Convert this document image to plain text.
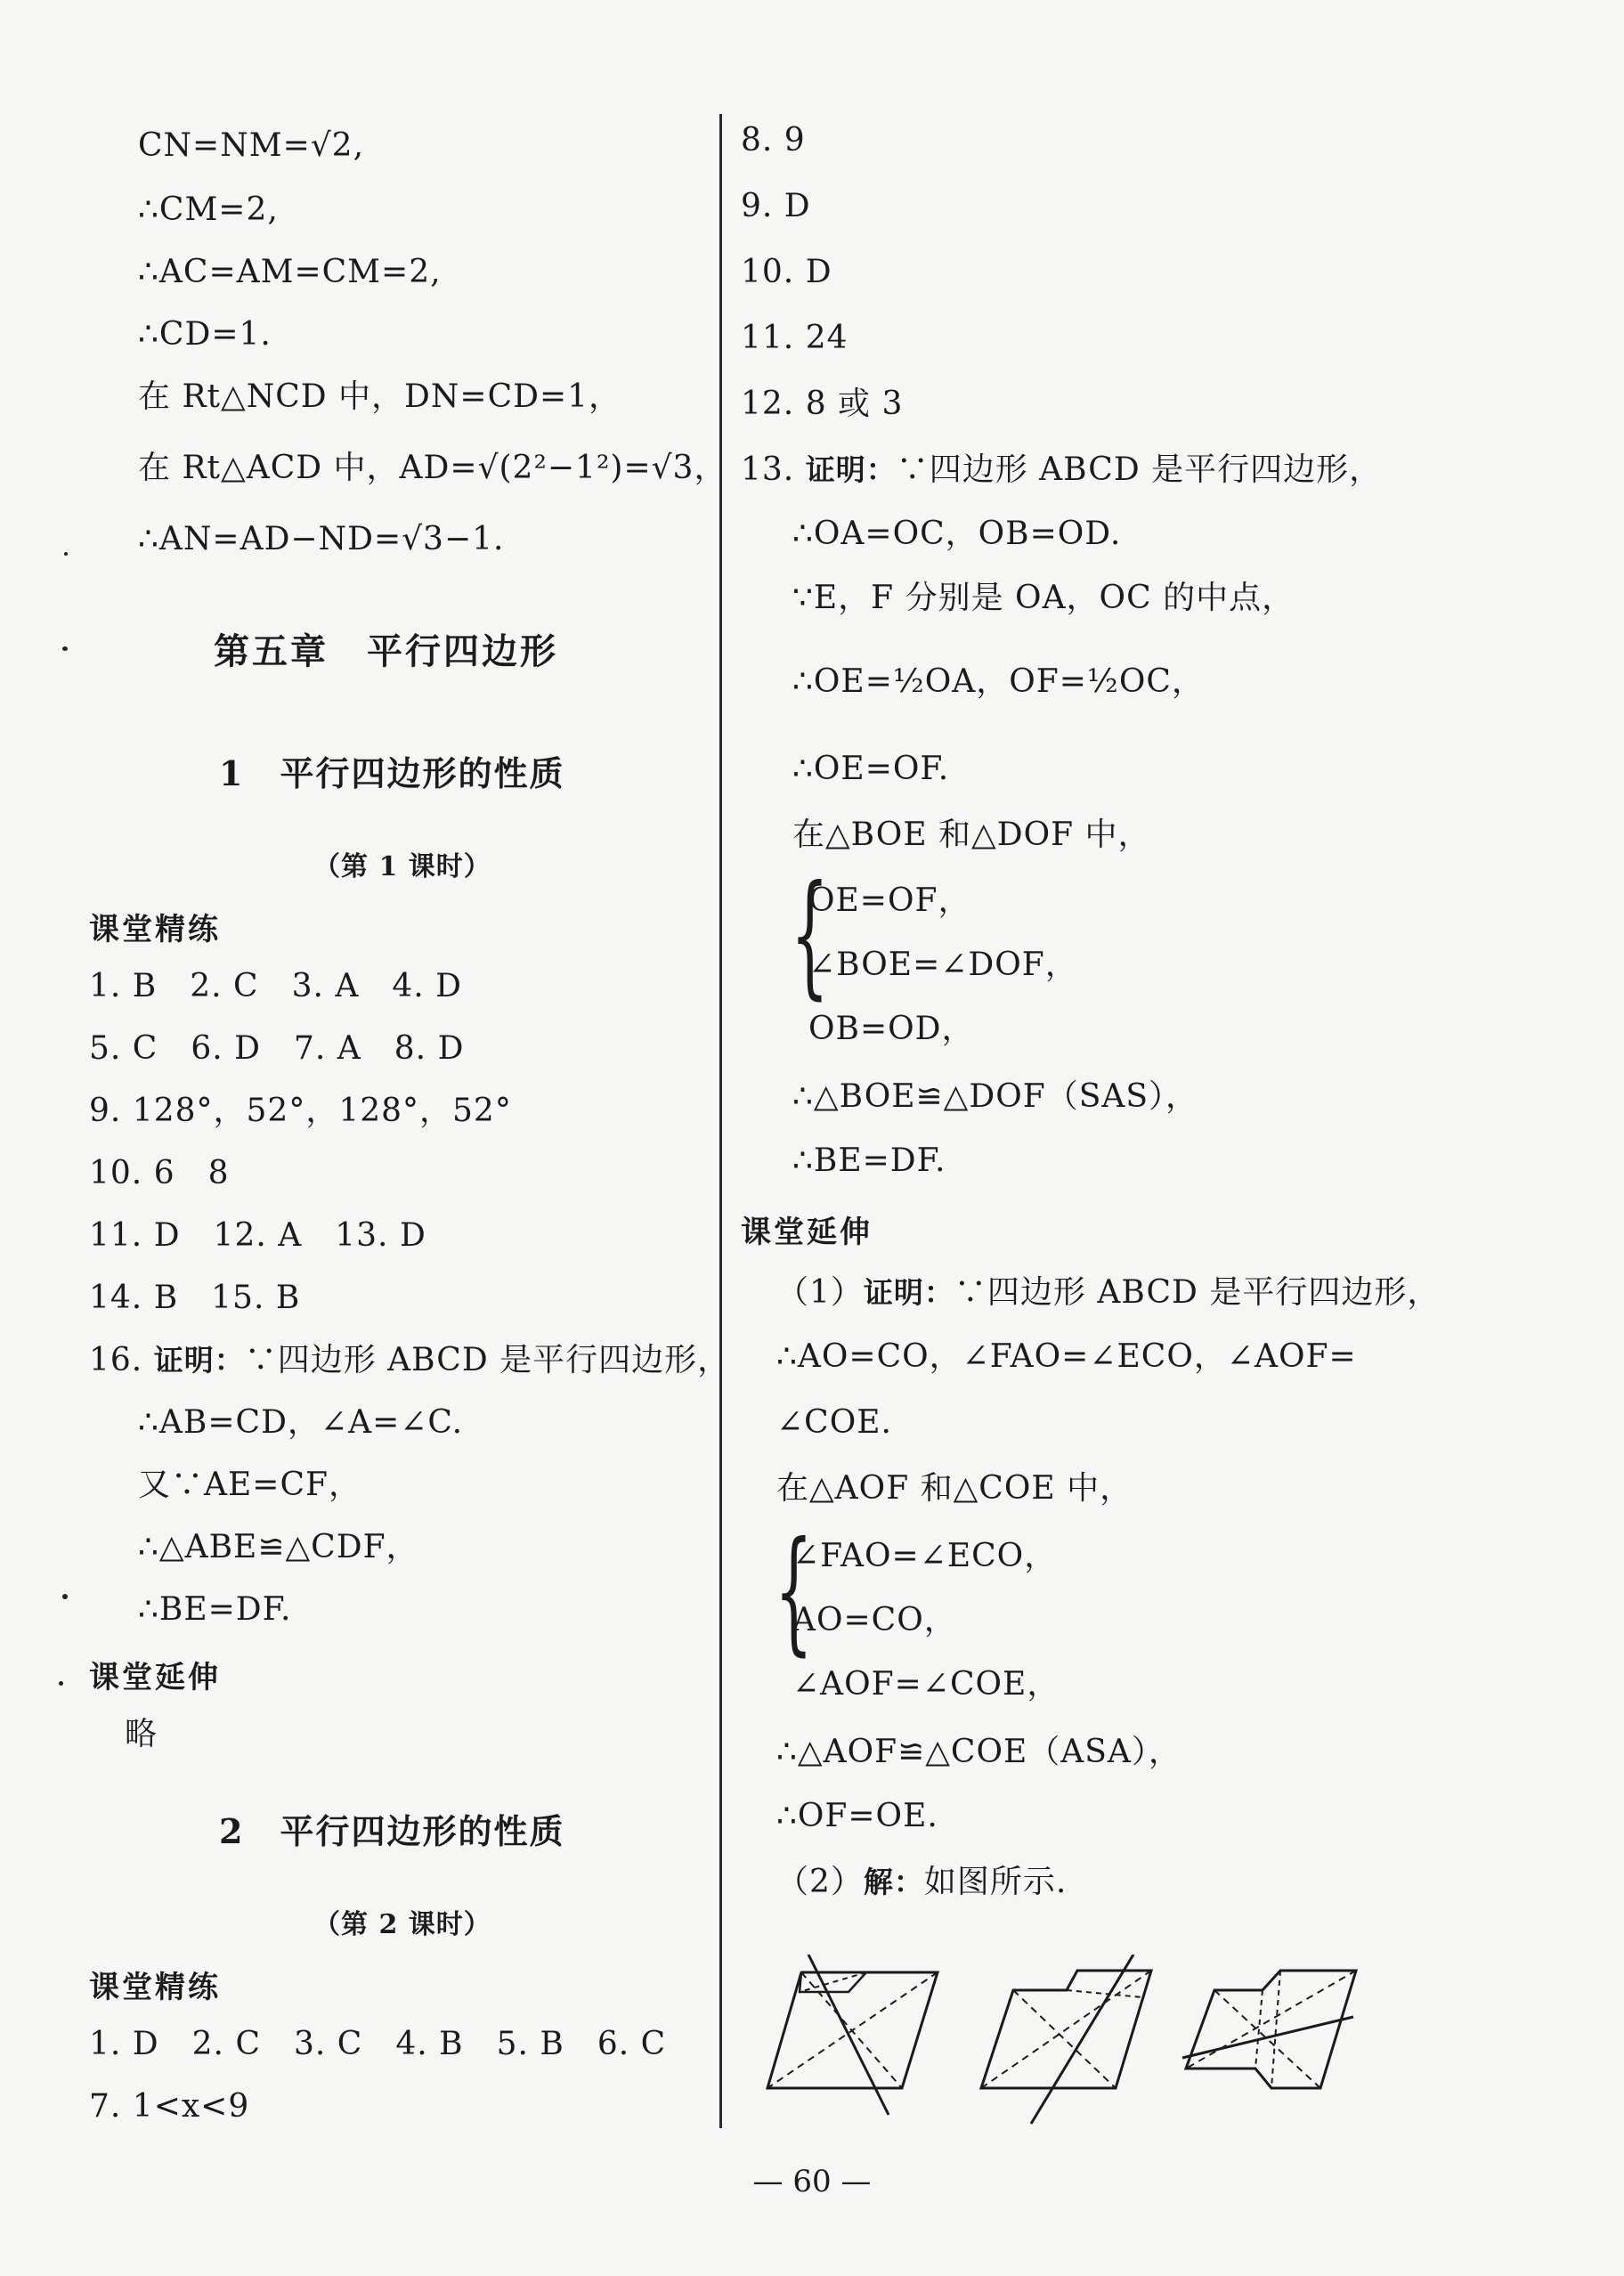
CN=NM=√2,
∴CM=2,
∴AC=AM=CM=2,
∴CD=1.
在 Rt△NCD 中，DN=CD=1，
在 Rt△ACD 中，AD=√(2²−1²)=√3，
∴AN=AD−ND=√3−1.
第五章　平行四边形
1　平行四边形的性质
（第 1 课时）
课堂精练
1. B　2. C　3. A　4. D
5. C　6. D　7. A　8. D
9. 128°，52°，128°，52°
10. 6　8
11. D　12. A　13. D
14. B　15. B
16. 证明：∵四边形 ABCD 是平行四边形，
∴AB=CD，∠A=∠C.
又∵AE=CF，
∴△ABE≌△CDF，
∴BE=DF.
课堂延伸
略
2　平行四边形的性质
（第 2 课时）
课堂精练
1. D　2. C　3. C　4. B　5. B　6. C
7. 1<x<9
8. 9
9. D
10. D
11. 24
12. 8 或 3
13. 证明：∵四边形 ABCD 是平行四边形，
∴OA=OC，OB=OD.
∵E，F 分别是 OA，OC 的中点，
∴OE=½OA，OF=½OC，
∴OE=OF.
在△BOE 和△DOF 中，
{
OE=OF，
∠BOE=∠DOF，
OB=OD，
∴△BOE≌△DOF（SAS），
∴BE=DF.
课堂延伸
（1）证明：∵四边形 ABCD 是平行四边形，
∴AO=CO，∠FAO=∠ECO，∠AOF=
∠COE.
在△AOF 和△COE 中，
{
∠FAO=∠ECO，
AO=CO，
∠AOF=∠COE，
∴△AOF≌△COE（ASA），
∴OF=OE.
（2）解：如图所示.
— 60 —
